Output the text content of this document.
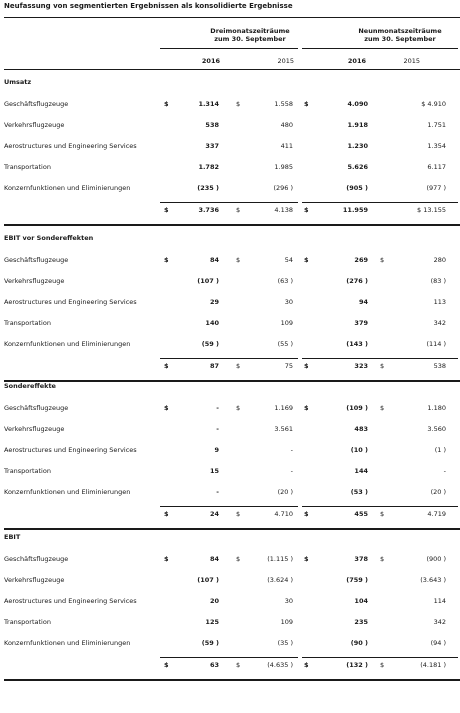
Neufassung von segmentierten Ergebnissen als konsolidierte Ergebnisse
Dreimonatszeiträume
zum 30. September
Neunmonatszeiträume
zum 30. September
2016	2015	2016	2015
Umsatz
Geschäftsflugzeuge	$	1.314	$	1.558 $	4.090	$ 4.910
Verkehrsflugzeuge	538	480	1.918	1.751
Aerostructures und Engineering Services	337	411	1.230	1.354
Transportation	1.782	1.985	5.626	6.117
Konzernfunktionen und Eliminierungen	(235 )	(296 )	(905 )	(977 )
$	3.736	$	4.138 $	11.959	$ 13.155
EBIT vor Sondereffekten
Geschäftsflugzeuge	$	84	$	54 $	269 $	280
Verkehrsflugzeuge	(107 )	(63 )	(276 )	(83 )
Aerostructures und Engineering Services	29	30	94	113
Transportation	140	109	379	342
Konzernfunktionen und Eliminierungen	(59 )	(55 )	(143 )	(114 )
$	87	$	75 $	323 $	538
Sondereffekte
Geschäftsflugzeuge	$	-	$	1.169 $	(109 ) $	1.180
Verkehrsflugzeuge	-	3.561	483	3.560
Aerostructures und Engineering Services	9	-	(10 )	(1 )
Transportation	15	-	144	-
Konzernfunktionen und Eliminierungen	-	(20 )	(53 )	(20 )
$	24	$	4.710 $	455 $	4.719
EBIT
Geschäftsflugzeuge	$	84	$	(1.115 ) $	378 $	(900 )
Verkehrsflugzeuge	(107 )	(3.624 )	(759 )	(3.643 )
Aerostructures und Engineering Services	20	30	104	114
Transportation	125	109	235	342
Konzernfunktionen und Eliminierungen	(59 )	(35 )	(90 )	(94 )
$	63	$	(4.635 ) $	(132 ) $	(4.181 )
